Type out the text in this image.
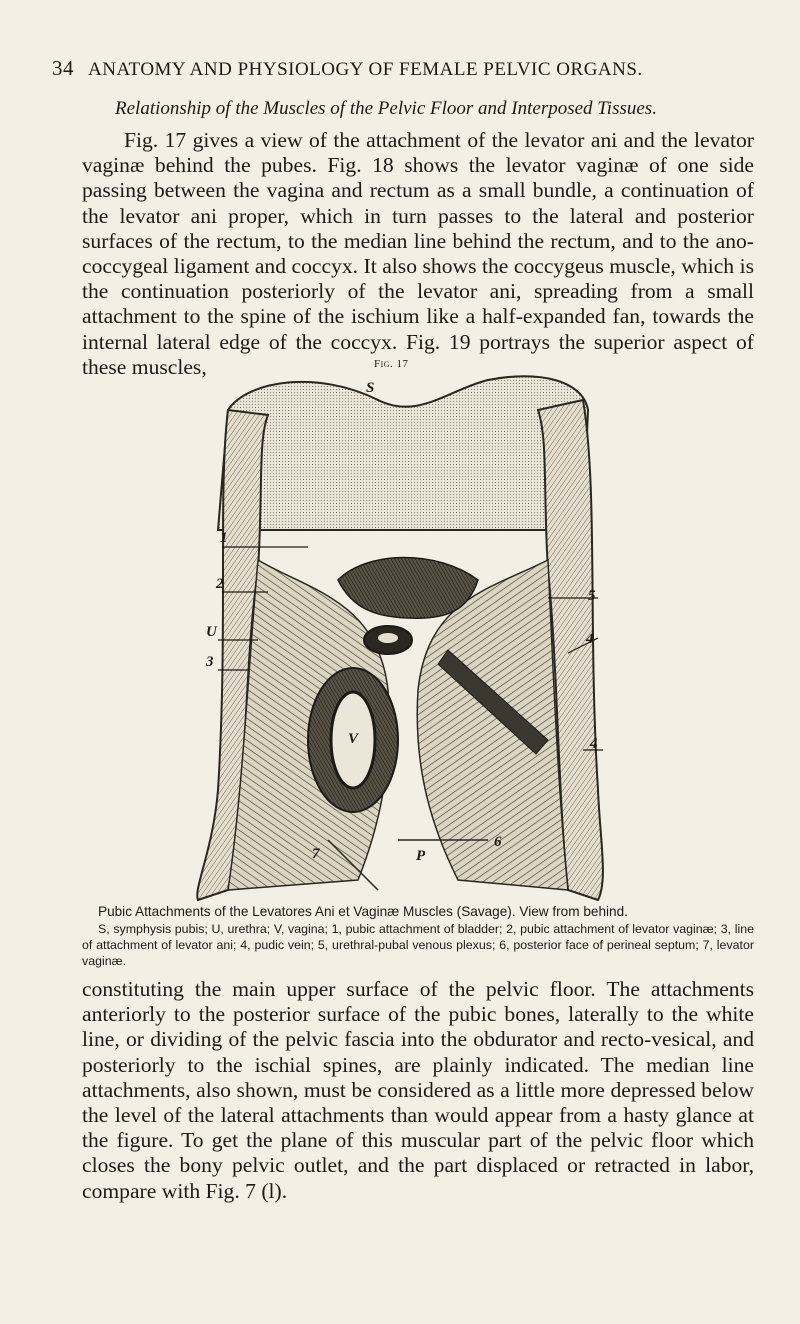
34 ANATOMY AND PHYSIOLOGY OF FEMALE PELVIC ORGANS.
Relationship of the Muscles of the Pelvic Floor and Interposed Tissues.

Fig. 17 gives a view of the attachment of the levator ani and the levator vaginæ behind the pubes. Fig. 18 shows the levator vaginæ of one side passing between the vagina and rectum as a small bundle, a continuation of the levator ani proper, which in turn passes to the lateral and posterior surfaces of the rectum, to the median line behind the rectum, and to the ano-coccygeal ligament and coccyx. It also shows the coccygeus muscle, which is the continuation posteriorly of the levator ani, spreading from a small attachment to the spine of the ischium like a half-expanded fan, towards the internal lateral edge of the coccyx. Fig. 19 portrays the superior aspect of these muscles,	Fig. 17
S
1
2
U
3
5
4
4
V
7	P
6

Pubic Attachments of the Levatores Ani et Vaginæ Muscles (Savage). View from behind.

S, symphysis pubis; U, urethra; V, vagina; 1, pubic attachment of bladder; 2, pubic attachment of levator vaginæ; 3, line of attachment of levator ani; 4, pudic vein; 5, urethral-pubal venous plexus; 6, posterior face of perineal septum; 7, levator vaginæ.

constituting the main upper surface of the pelvic floor. The attachments anteriorly to the posterior surface of the pubic bones, laterally to the white line, or dividing of the pelvic fascia into the obdurator and recto-vesical, and posteriorly to the ischial spines, are plainly indicated. The median line attachments, also shown, must be considered as a little more depressed below the level of the lateral attachments than would appear from a hasty glance at the figure. To get the plane of this muscular part of the pelvic floor which closes the bony pelvic outlet, and the part displaced or retracted in labor, compare with Fig. 7 (l).
